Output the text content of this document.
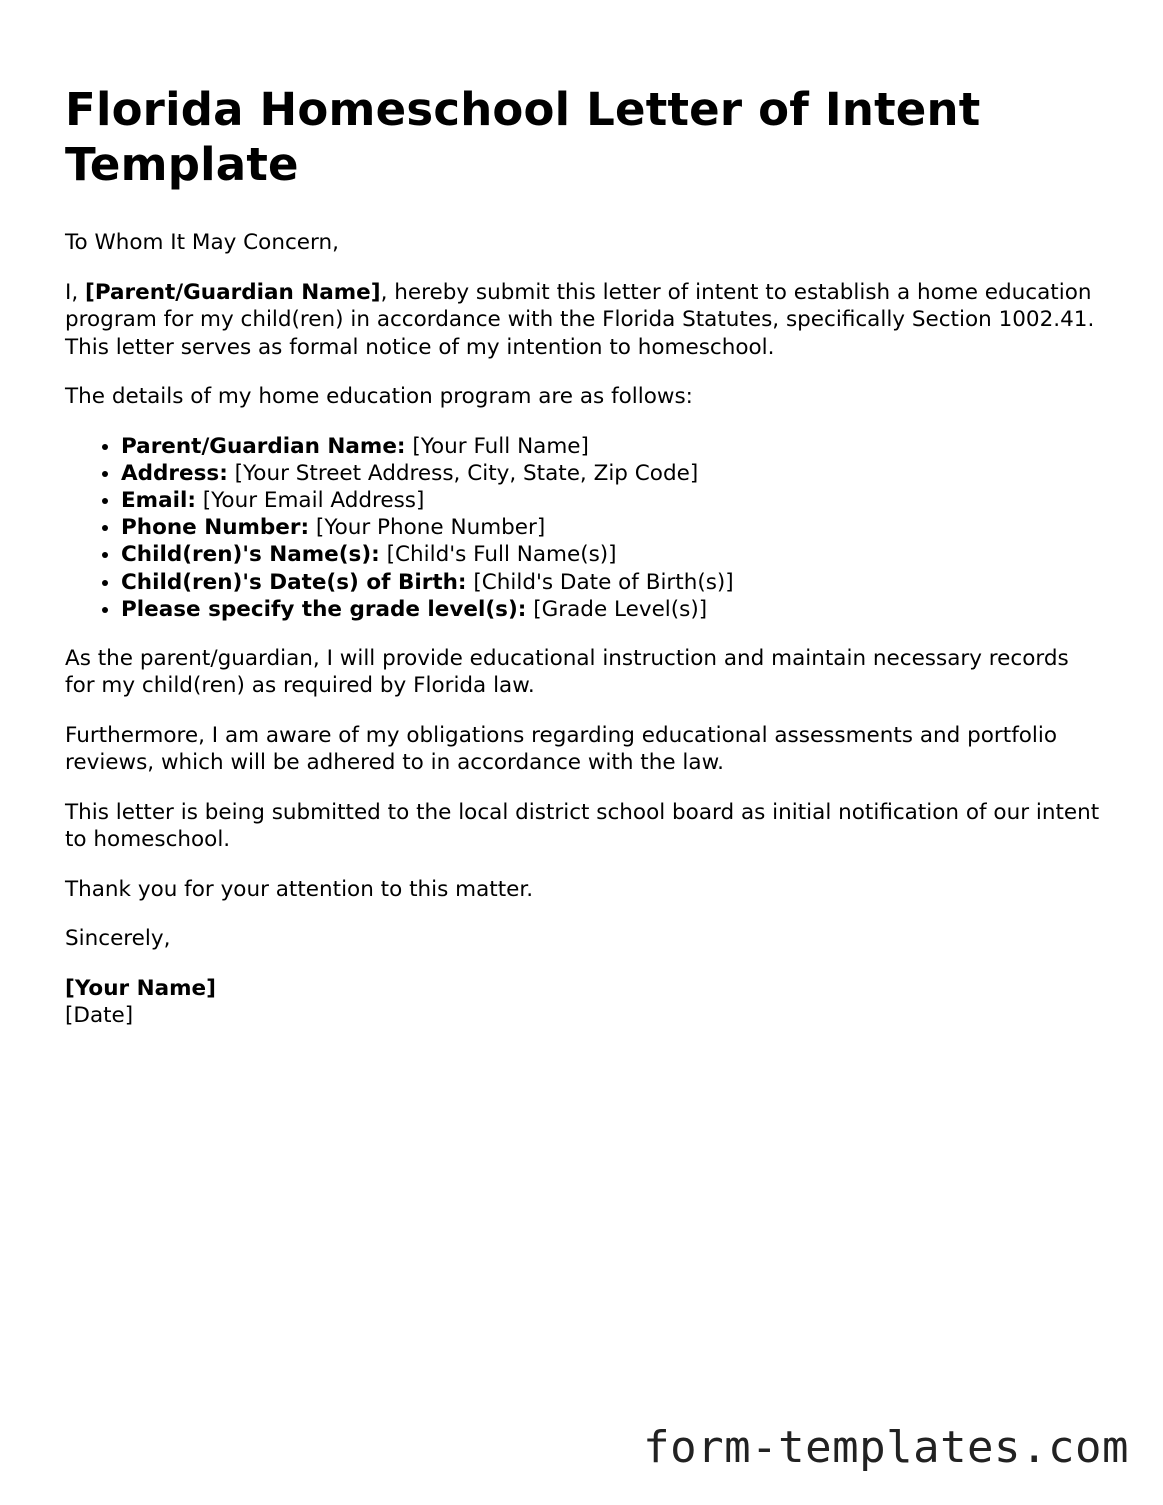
Florida Homeschool Letter of Intent Template

To Whom It May Concern,

I, [Parent/Guardian Name], hereby submit this letter of intent to establish a home education program for my child(ren) in accordance with the Florida Statutes, specifically Section 1002.41. This letter serves as formal notice of my intention to homeschool.

The details of my home education program are as follows:

• Parent/Guardian Name: [Your Full Name]
• Address: [Your Street Address, City, State, Zip Code]
• Email: [Your Email Address]
• Phone Number: [Your Phone Number]
• Child(ren)'s Name(s): [Child's Full Name(s)]
• Child(ren)'s Date(s) of Birth: [Child's Date of Birth(s)]
• Please specify the grade level(s): [Grade Level(s)]

As the parent/guardian, I will provide educational instruction and maintain necessary records for my child(ren) as required by Florida law.

Furthermore, I am aware of my obligations regarding educational assessments and portfolio reviews, which will be adhered to in accordance with the law.

This letter is being submitted to the local district school board as initial notification of our intent to homeschool.

Thank you for your attention to this matter.

Sincerely,

[Your Name]

[Date]

form-templates.com
